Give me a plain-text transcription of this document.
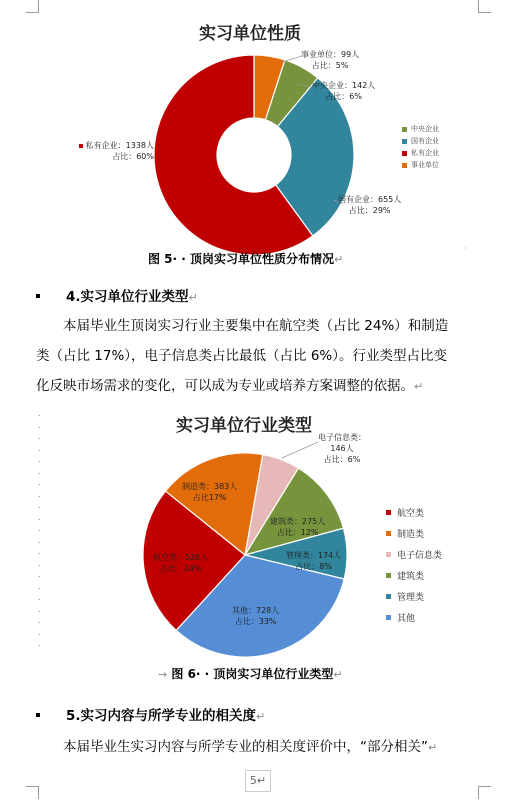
实习单位性质
事业单位：99人
占比：5%
中央企业：142人
占比：6%
国有企业：655人
占比：29%
私有企业：1338人
占比：60%
中央企业
国有企业
私有企业
事业单位
图 5· · 顶岗实习单位性质分布情况↵
·
4.实习单位行业类型↵
本届毕业生顶岗实习行业主要集中在航空类（占比 24%）和制造
类（占比 17%），电子信息类占比最低（占比 6%）。行业类型占比变
化反映市场需求的变化，可以成为专业或培养方案调整的依据。↵
.
.
.
.
.
.
.
.
.
.
.
.
.
.
.
.
.
.
.
.
.
实习单位行业类型
电子信息类：
146人
占比：6%
建筑类：275人
占比：12%
管理类：174人
占比：8%
其他：728人
占比：33%
航空类：528人
占比：24%
制造类：383人
占比17%
航空类
制造类
电子信息类
建筑类
管理类
其他
→ 图 6· · 顶岗实习单位行业类型↵
5.实习内容与所学专业的相关度↵
本届毕业生实习内容与所学专业的相关度评价中，“部分相关”↵
5↵
